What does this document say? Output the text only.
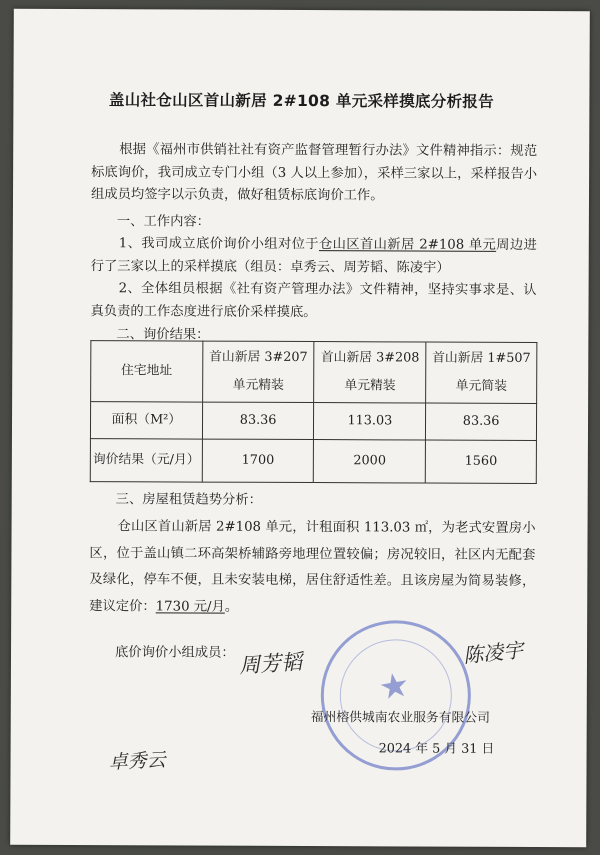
盖山社仓山区首山新居 2#108 单元采样摸底分析报告

根据《福州市供销社社有资产监督管理暂行办法》文件精神指示：规范标底询价，我司成立专门小组（3 人以上参加），采样三家以上，采样报告小组成员均签字以示负责，做好租赁标底询价工作。

一、工作内容：

1、我司成立底价询价小组对位于仓山区首山新居 2#108 单元周边进行了三家以上的采样摸底（组员：卓秀云、周芳韬、陈凌宇）

2、全体组员根据《社有资产管理办法》文件精神，坚持实事求是、认真负责的工作态度进行底价采样摸底。

二、询价结果：
住宅地址	首山新居 3#207 单元精装	首山新居 3#208 单元精装	首山新居 1#507 单元简装
面积（M²）	83.36	113.03	83.36
询价结果（元/月）	1700	2000	1560
三、房屋租赁趋势分析：

仓山区首山新居 2#108 单元，计租面积 113.03 ㎡，为老式安置房小区，位于盖山镇二环高架桥辅路旁地理位置较偏；房况较旧，社区内无配套及绿化，停车不便，且未安装电梯，居住舒适性差。且该房屋为简易装修，建议定价：1730 元/月。

底价询价小组成员：
★
周芳韬	陈凌宇
卓秀云
福州榕供城南农业服务有限公司
2024 年 5 月 31 日
